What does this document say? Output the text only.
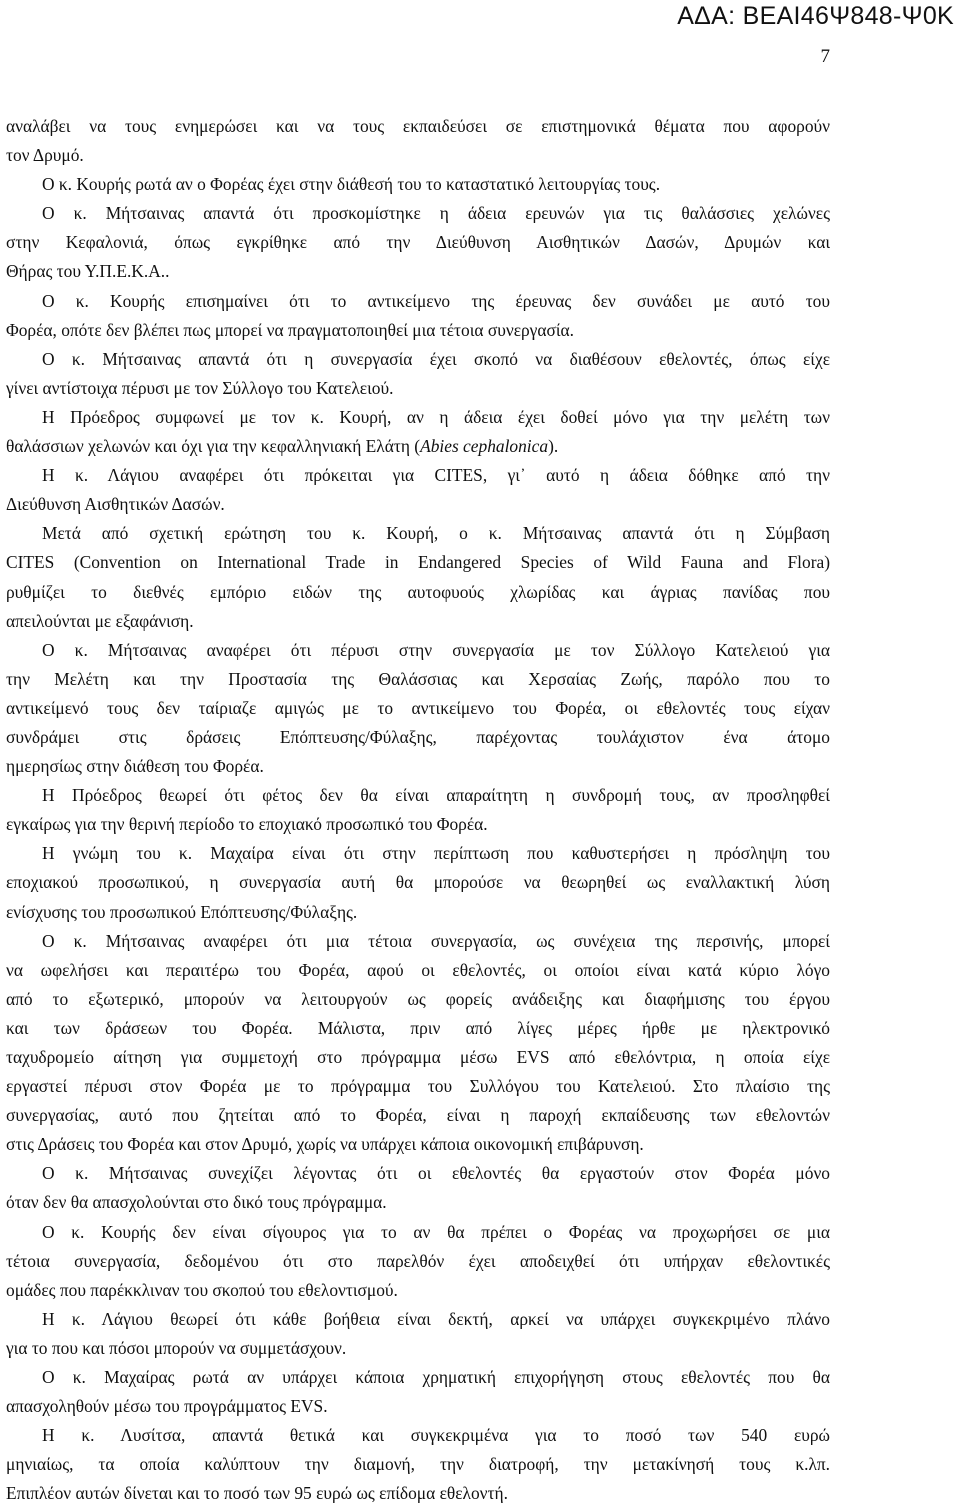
ΑΔΑ: ΒΕΑΙ46Ψ848-Ψ0Κ
7
αναλάβει να τους ενημερώσει και να τους εκπαιδεύσει σε επιστημονικά θέματα που αφορούν
τον Δρυμό.
Ο κ. Κουρής ρωτά αν ο Φορέας έχει στην διάθεσή του το καταστατικό λειτουργίας τους.
Ο κ. Μήτσαινας απαντά ότι προσκομίστηκε η άδεια ερευνών για τις θαλάσσιες χελώνες
στην Κεφαλονιά, όπως εγκρίθηκε από την Διεύθυνση Αισθητικών Δασών, Δρυμών και
Θήρας του Υ.Π.Ε.Κ.Α..
Ο κ. Κουρής επισημαίνει ότι το αντικείμενο της έρευνας δεν συνάδει με αυτό του
Φορέα, οπότε δεν βλέπει πως μπορεί να πραγματοποιηθεί μια τέτοια συνεργασία.
Ο κ. Μήτσαινας απαντά ότι η συνεργασία έχει σκοπό να διαθέσουν εθελοντές, όπως είχε
γίνει αντίστοιχα πέρυσι με τον Σύλλογο του Κατελειού.
Η Πρόεδρος συμφωνεί με τον κ. Κουρή, αν η άδεια έχει δοθεί μόνο για την μελέτη των
θαλάσσιων χελωνών και όχι για την κεφαλληνιακή Ελάτη (Abies cephalonica).
Η κ. Λάγιου αναφέρει ότι πρόκειται για CITES, γι᾽ αυτό η άδεια δόθηκε από την
Διεύθυνση Αισθητικών Δασών.
Μετά από σχετική ερώτηση του κ. Κουρή, ο κ. Μήτσαινας απαντά ότι η Σύμβαση
CITES (Convention on International Trade in Endangered Species of Wild Fauna and Flora)
ρυθμίζει το διεθνές εμπόριο ειδών της αυτοφυούς χλωρίδας και άγριας πανίδας που
απειλούνται με εξαφάνιση.
Ο κ. Μήτσαινας αναφέρει ότι πέρυσι στην συνεργασία με τον Σύλλογο Κατελειού για
την Μελέτη και την Προστασία της Θαλάσσιας και Χερσαίας Ζωής, παρόλο που το
αντικείμενό τους δεν ταίριαζε αμιγώς με το αντικείμενο του Φορέα, οι εθελοντές τους είχαν
συνδράμει στις δράσεις Επόπτευσης/Φύλαξης, παρέχοντας τουλάχιστον ένα άτομο
ημερησίως στην διάθεση του Φορέα.
Η Πρόεδρος θεωρεί ότι φέτος δεν θα είναι απαραίτητη η συνδρομή τους, αν προσληφθεί
εγκαίρως για την θερινή περίοδο το εποχιακό προσωπικό του Φορέα.
Η γνώμη του κ. Μαχαίρα είναι ότι στην περίπτωση που καθυστερήσει η πρόσληψη του
εποχιακού προσωπικού, η συνεργασία αυτή θα μπορούσε να θεωρηθεί ως εναλλακτική λύση
ενίσχυσης του προσωπικού Επόπτευσης/Φύλαξης.
Ο κ. Μήτσαινας αναφέρει ότι μια τέτοια συνεργασία, ως συνέχεια της περσινής, μπορεί
να ωφελήσει και περαιτέρω του Φορέα, αφού οι εθελοντές, οι οποίοι είναι κατά κύριο λόγο
από το εξωτερικό, μπορούν να λειτουργούν ως φορείς ανάδειξης και διαφήμισης του έργου
και των δράσεων του Φορέα. Μάλιστα, πριν από λίγες μέρες ήρθε με ηλεκτρονικό
ταχυδρομείο αίτηση για συμμετοχή στο πρόγραμμα μέσω EVS από εθελόντρια, η οποία είχε
εργαστεί πέρυσι στον Φορέα με το πρόγραμμα του Συλλόγου του Κατελειού. Στο πλαίσιο της
συνεργασίας, αυτό που ζητείται από το Φορέα, είναι η παροχή εκπαίδευσης των εθελοντών
στις Δράσεις του Φορέα και στον Δρυμό, χωρίς να υπάρχει κάποια οικονομική επιβάρυνση.
Ο κ. Μήτσαινας συνεχίζει λέγοντας ότι οι εθελοντές θα εργαστούν στον Φορέα μόνο
όταν δεν θα απασχολούνται στο δικό τους πρόγραμμα.
Ο κ. Κουρής δεν είναι σίγουρος για το αν θα πρέπει ο Φορέας να προχωρήσει σε μια
τέτοια συνεργασία, δεδομένου ότι στο παρελθόν έχει αποδειχθεί ότι υπήρχαν εθελοντικές
ομάδες που παρέκκλιναν του σκοπού του εθελοντισμού.
Η κ. Λάγιου θεωρεί ότι κάθε βοήθεια είναι δεκτή, αρκεί να υπάρχει συγκεκριμένο πλάνο
για το που και πόσοι μπορούν να συμμετάσχουν.
Ο κ. Μαχαίρας ρωτά αν υπάρχει κάποια χρηματική επιχορήγηση στους εθελοντές που θα
απασχοληθούν μέσω του προγράμματος EVS.
Η κ. Λυσίτσα, απαντά θετικά και συγκεκριμένα για το ποσό των 540 ευρώ
μηνιαίως, τα οποία καλύπτουν την διαμονή, την διατροφή, την μετακίνησή τους κ.λπ.
Επιπλέον αυτών δίνεται και το ποσό των 95 ευρώ ως επίδομα εθελοντή.
